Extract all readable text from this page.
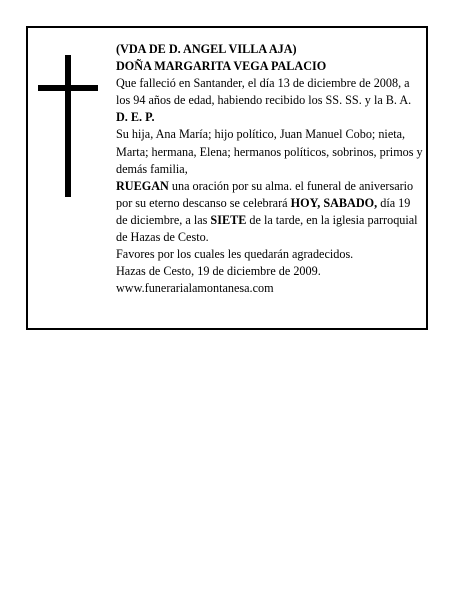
(VDA DE D. ANGEL VILLA AJA)

DOÑA MARGARITA VEGA PALACIO

Que falleció en Santander, el día 13 de diciembre de 2008, a los 94 años de edad, habiendo recibido los SS. SS. y la B. A.

D. E. P.

Su hija, Ana María; hijo político, Juan Manuel Cobo; nieta, Marta; hermana, Elena; hermanos políticos, sobrinos, primos y demás familia,

RUEGAN una oración por su alma. el funeral de aniversario por su eterno descanso se celebrará HOY, SABADO, día 19 de diciembre, a las SIETE de la tarde, en la iglesia parroquial de Hazas de Cesto.

Favores por los cuales les quedarán agradecidos.

Hazas de Cesto, 19 de diciembre de 2009.

www.funerarialamontanesa.com
